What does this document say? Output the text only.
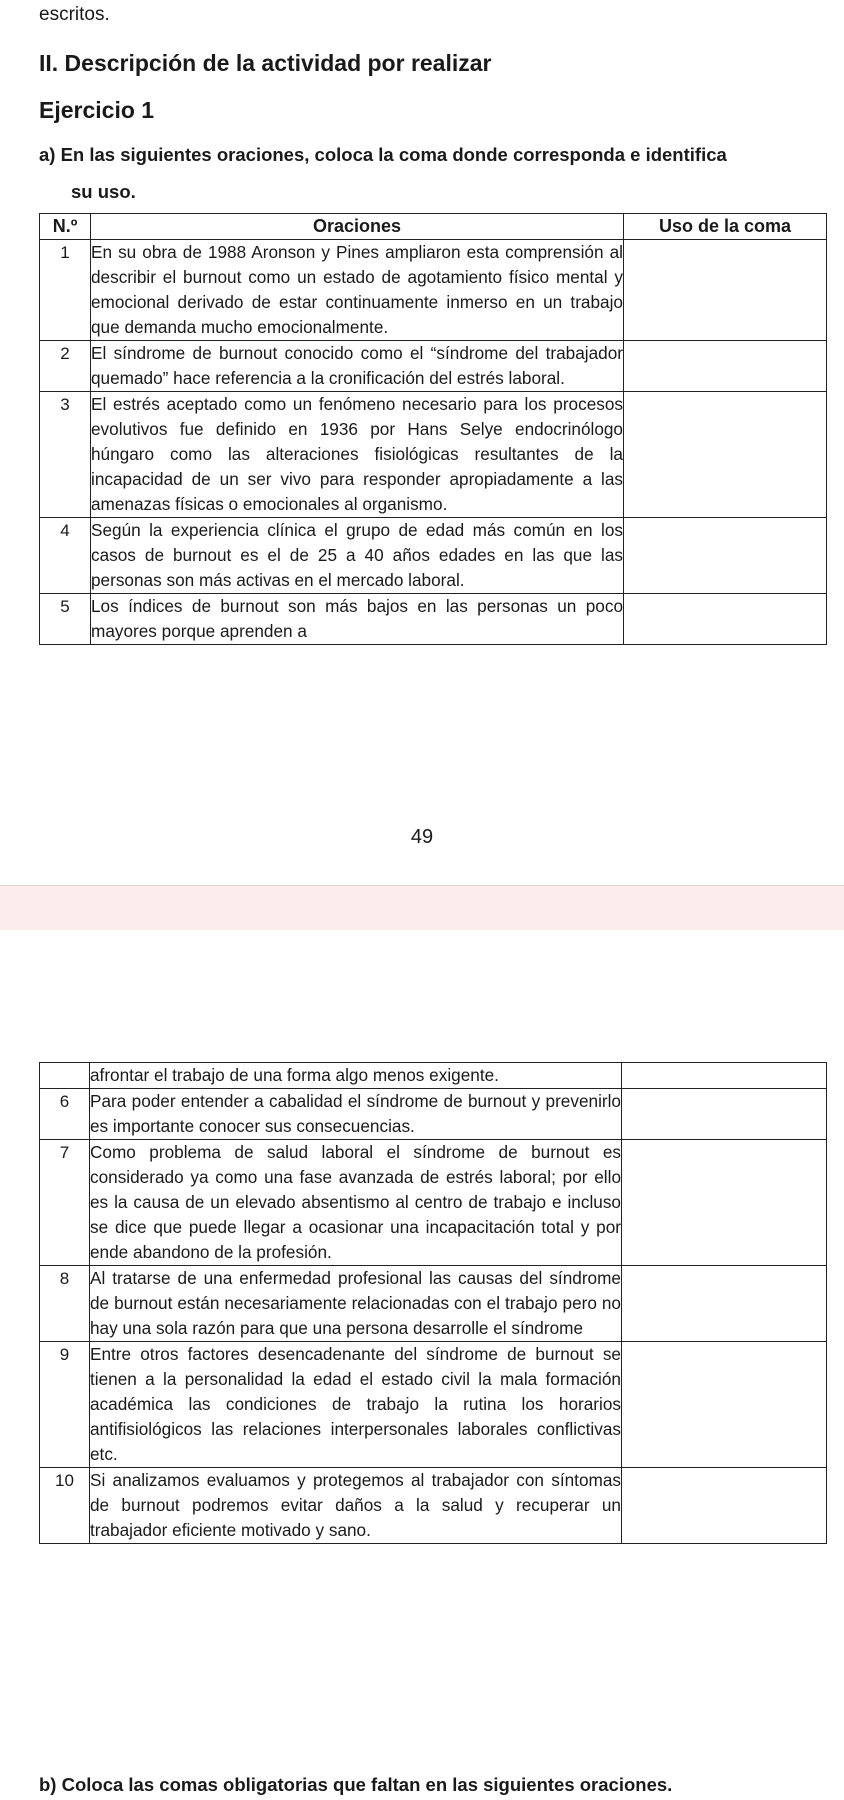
escritos.
II. Descripción de la actividad por realizar
Ejercicio 1
a) En las siguientes oraciones, coloca la coma donde corresponda e identifica
su uso.
N.º	Oraciones	Uso de la coma
1	En su obra de 1988 Aronson y Pines ampliaron esta comprensión al describir el burnout como un estado de agotamiento físico mental y emocional derivado de estar continuamente inmerso en un trabajo que demanda mucho emocionalmente.	
2	El síndrome de burnout conocido como el “síndrome del trabajador quemado” hace referencia a la cronificación del estrés laboral.	
3	El estrés aceptado como un fenómeno necesario para los procesos evolutivos fue definido en 1936 por Hans Selye endocrinólogo húngaro como las alteraciones fisiológicas resultantes de la incapacidad de un ser vivo para responder apropiadamente a las amenazas físicas o emocionales al organismo.	
4	Según la experiencia clínica el grupo de edad más común en los casos de burnout es el de 25 a 40 años edades en las que las personas son más activas en el mercado laboral.	
5	Los índices de burnout son más bajos en las personas un poco mayores porque aprenden a	
49
	afrontar el trabajo de una forma algo menos exigente.	
6	Para poder entender a cabalidad el síndrome de burnout y prevenirlo es importante conocer sus consecuencias.	
7	Como problema de salud laboral el síndrome de burnout es considerado ya como una fase avanzada de estrés laboral; por ello es la causa de un elevado absentismo al centro de trabajo e incluso se dice que puede llegar a ocasionar una incapacitación total y por ende abandono de la profesión.	
8	Al tratarse de una enfermedad profesional las causas del síndrome de burnout están necesariamente relacionadas con el trabajo pero no hay una sola razón para que una persona desarrolle el síndrome	
9	Entre otros factores desencadenante del síndrome de burnout se tienen a la personalidad la edad el estado civil la mala formación académica las condiciones de trabajo la rutina los horarios antifisiológicos las relaciones interpersonales laborales conflictivas etc.	
10	Si analizamos evaluamos y protegemos al trabajador con síntomas de burnout podremos evitar daños a la salud y recuperar un trabajador eficiente motivado y sano.	
b) Coloca las comas obligatorias que faltan en las siguientes oraciones.
